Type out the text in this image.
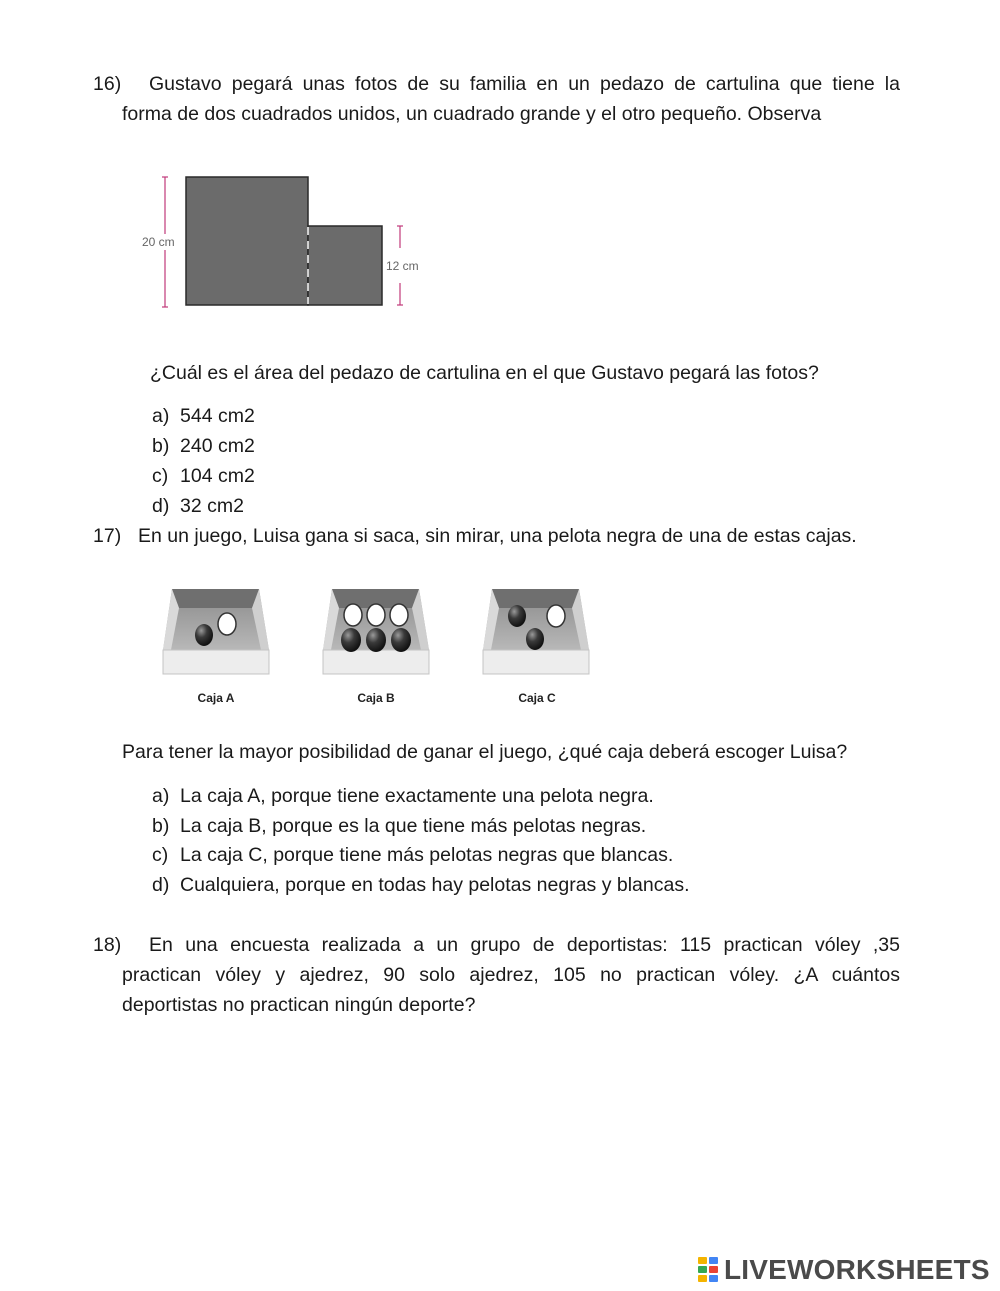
16) Gustavo pegará unas fotos de su familia en un pedazo de cartulina que tiene la
forma de dos cuadrados unidos, un cuadrado grande y el otro pequeño. Observa
20 cm
12 cm
¿Cuál es el área del pedazo de cartulina en el que Gustavo pegará las fotos?
a) 544 cm2
b) 240 cm2
c) 104 cm2
d) 32 cm2
17) En un juego, Luisa gana si saca, sin mirar, una pelota negra de una de estas cajas.
Caja A	Caja B	Caja C
Para tener la mayor posibilidad de ganar el juego, ¿qué caja deberá escoger Luisa?
a) La caja A, porque tiene exactamente una pelota negra.
b) La caja B, porque es la que tiene más pelotas negras.
c) La caja C, porque tiene más pelotas negras que blancas.
d) Cualquiera, porque en todas hay pelotas negras y blancas.
18) En una encuesta realizada a un grupo de deportistas: 115 practican vóley ,35
practican vóley y ajedrez, 90 solo ajedrez, 105 no practican vóley. ¿A cuántos
deportistas no practican ningún deporte?
LIVEWORKSHEETS
